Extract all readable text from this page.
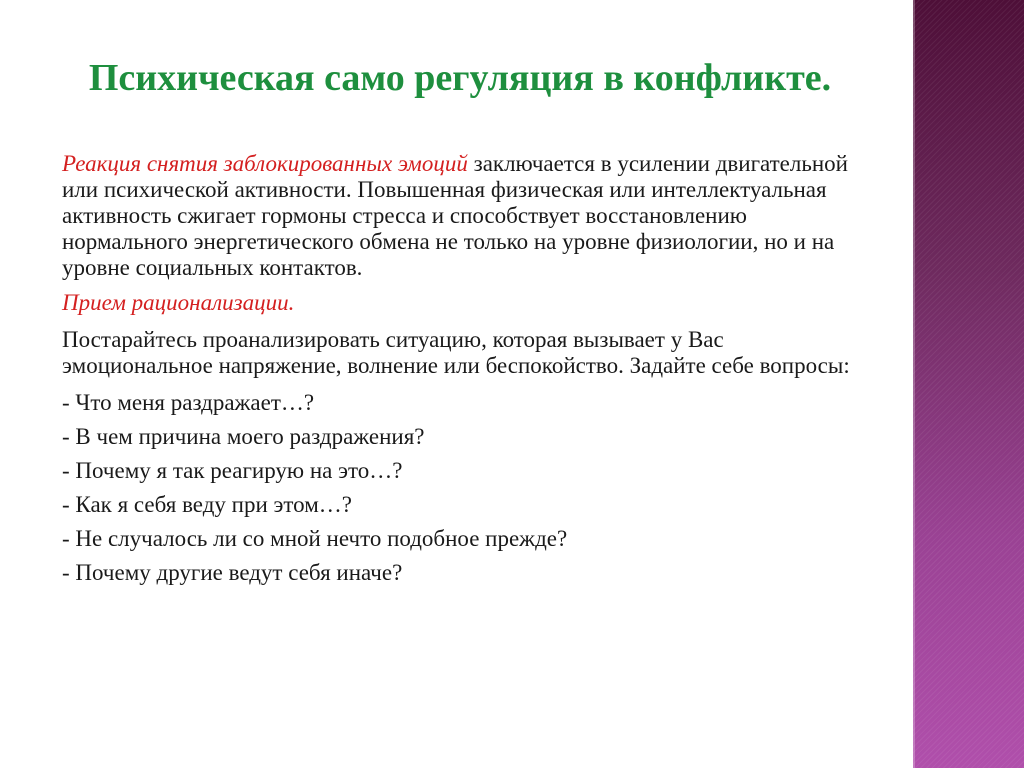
Психическая само регуляция в конфликте.

Реакция снятия заблокированных эмоций заключается в усилении двигательной или психической активности. Повышенная физическая или интеллектуальная активность сжигает гормоны стресса и способствует восстановлению нормального энергетического обмена не только на уровне физиологии, но и на уровне социальных контактов.

Прием рационализации.

Постарайтесь проанализировать ситуацию, которая вызывает у Вас эмоциональное напряжение, волнение или беспокойство. Задайте себе вопросы:

- Что меня раздражает…?

- В чем причина моего раздражения?

- Почему я так реагирую на это…?

- Как я себя веду при этом…?

- Не случалось ли со мной нечто подобное прежде?

- Почему другие ведут себя иначе?
